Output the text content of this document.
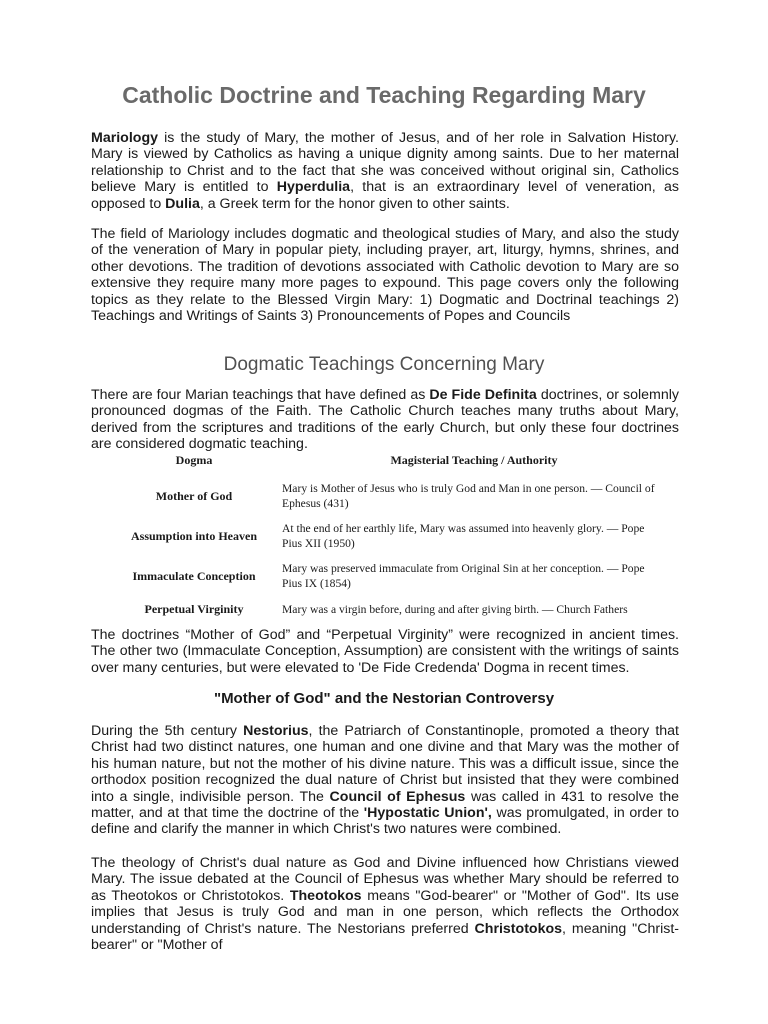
Catholic Doctrine and Teaching Regarding Mary

Mariology is the study of Mary, the mother of Jesus, and of her role in Salvation History. Mary is viewed by Catholics as having a unique dignity among saints. Due to her maternal relationship to Christ and to the fact that she was conceived without original sin, Catholics believe Mary is entitled to Hyperdulia, that is an extraordinary level of veneration, as opposed to Dulia, a Greek term for the honor given to other saints.

The field of Mariology includes dogmatic and theological studies of Mary, and also the study of the veneration of Mary in popular piety, including prayer, art, liturgy, hymns, shrines, and other devotions. The tradition of devotions associated with Catholic devotion to Mary are so extensive they require many more pages to expound. This page covers only the following topics as they relate to the Blessed Virgin Mary: 1) Dogmatic and Doctrinal teachings 2) Teachings and Writings of Saints 3) Pronouncements of Popes and Councils

Dogmatic Teachings Concerning Mary

There are four Marian teachings that have defined as De Fide Definita doctrines, or solemnly pronounced dogmas of the Faith. The Catholic Church teaches many truths about Mary, derived from the scriptures and traditions of the early Church, but only these four doctrines are considered dogmatic teaching.

Dogma	Magisterial Teaching / Authority
Mother of God	Mary is Mother of Jesus who is truly God and Man in one person. — Council of Ephesus (431)
Assumption into Heaven	At the end of her earthly life, Mary was assumed into heavenly glory. — Pope Pius XII (1950)
Immaculate Conception	Mary was preserved immaculate from Original Sin at her conception. — Pope Pius IX (1854)
Perpetual Virginity	Mary was a virgin before, during and after giving birth. — Church Fathers

The doctrines “Mother of God” and “Perpetual Virginity” were recognized in ancient times. The other two (Immaculate Conception, Assumption) are consistent with the writings of saints over many centuries, but were elevated to 'De Fide Credenda' Dogma in recent times.

"Mother of God" and the Nestorian Controversy

During the 5th century Nestorius, the Patriarch of Constantinople, promoted a theory that Christ had two distinct natures, one human and one divine and that Mary was the mother of his human nature, but not the mother of his divine nature. This was a difficult issue, since the orthodox position recognized the dual nature of Christ but insisted that they were combined into a single, indivisible person. The Council of Ephesus was called in 431 to resolve the matter, and at that time the doctrine of the 'Hypostatic Union', was promulgated, in order to define and clarify the manner in which Christ's two natures were combined.

The theology of Christ's dual nature as God and Divine influenced how Christians viewed Mary. The issue debated at the Council of Ephesus was whether Mary should be referred to as Theotokos or Christotokos. Theotokos means "God-bearer" or "Mother of God". Its use implies that Jesus is truly God and man in one person, which reflects the Orthodox understanding of Christ's nature. The Nestorians preferred Christotokos, meaning "Christ-bearer" or "Mother of
